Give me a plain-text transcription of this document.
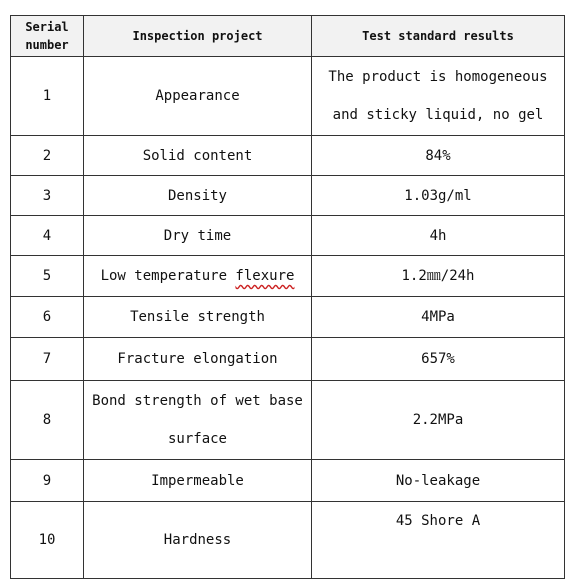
Serial number	Inspection project	Test standard results
1	Appearance	The product is homogeneous and sticky liquid, no gel
2	Solid content	84%
3	Density	1.03g/ml
4	Dry time	4h
5	Low temperature flexure	1.2㎜/24h
6	Tensile strength	4MPa
7	Fracture elongation	657%
8	Bond strength of wet base surface	2.2MPa
9	Impermeable	No-leakage
10	Hardness	45 Shore A
